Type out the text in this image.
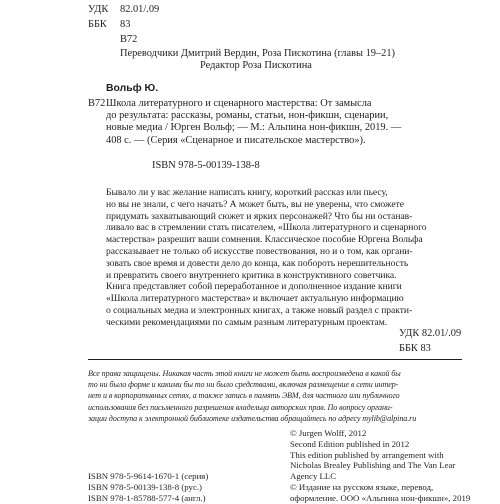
УДК 82.01/.09
ББК 83
В72
Переводчики Дмитрий Вердин, Роза Пискотина (главы 19–21)
Редактор Роза Пискотина
Вольф Ю.
В72 Школа литературного и сценарного мастерства: От замысла
до результата: рассказы, романы, статьи, нон-фикшн, сценарии,
новые медиа / Юрген Вольф; — М.: Альпина нон-фикшн, 2019. —
408 с. — (Серия «Сценарное и писательское мастерство»).
ISBN 978-5-00139-138-8
Бывало ли у вас желание написать книгу, короткий рассказ или пьесу,
но вы не знали, с чего начать? А может быть, вы не уверены, что сможете
придумать захватывающий сюжет и ярких персонажей? Что бы ни останав-
ливало вас в стремлении стать писателем, «Школа литературного и сценарного
мастерства» разрешит ваши сомнения. Классическое пособие Юргена Вольфа
рассказывает не только об искусстве повествования, но и о том, как органи-
зовать свое время и довести дело до конца, как побороть нерешительность
и превратить своего внутреннего критика в конструктивного советчика.
Книга представляет собой переработанное и дополненное издание книги
«Школа литературного мастерства» и включает актуальную информацию
о социальных медиа и электронных книгах, а также новый раздел с практи-
ческими рекомендациями по самым разным литературным проектам.
УДК 82.01/.09
ББК 83
Все права защищены. Никакая часть этой книги не может быть воспроизведена в какой бы
то ни было форме и какими бы то ни было средствами, включая размещение в сети интер-
нет и в корпоративных сетях, а также запись в память ЭВМ, для частного или публичного
использования без письменного разрешения владельца авторских прав. По вопросу органи-
зации доступа к электронной библиотеке издательства обращайтесь по адресу mylib@alpina.ru
© Jurgen Wolff, 2012
Second Edition published in 2012
This edition published by arrangement with
Nicholas Brealey Publishing and The Van Lear
Agency LLC
© Издание на русском языке, перевод,
оформление. ООО «Альпина нон-фикшн», 2019
ISBN 978-5-9614-1670-1 (серия)
ISBN 978-5-00139-138-8 (рус.)
ISBN 978-1-85788-577-4 (англ.)
